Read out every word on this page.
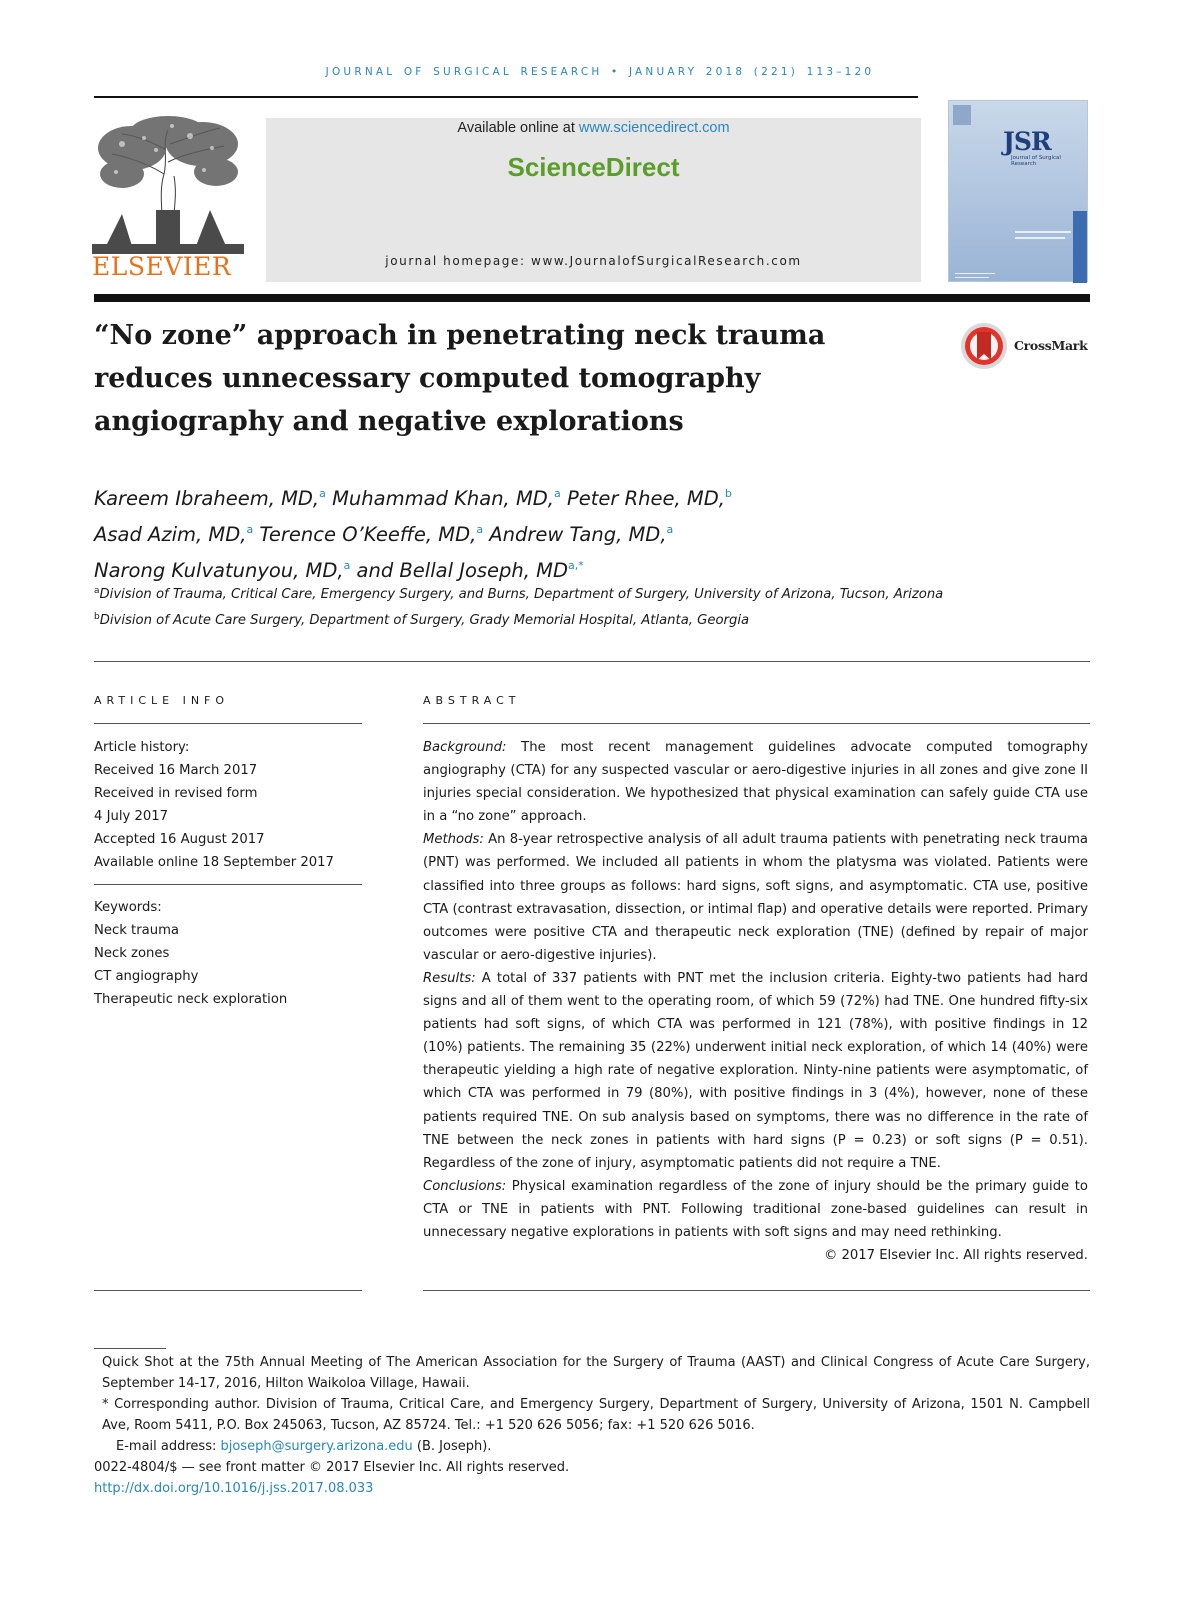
JOURNAL OF SURGICAL RESEARCH • JANUARY 2018 (221) 113–120
ELSEVIER
Available online at www.sciencedirect.com
ScienceDirect
journal homepage: www.JournalofSurgicalResearch.com
JSR
Journal of Surgical Research
“No zone” approach in penetrating neck trauma
reduces unnecessary computed tomography
angiography and negative explorations
CrossMark
Kareem Ibraheem, MD,$^a$ Muhammad Khan, MD,$^a$ Peter Rhee, MD,$^b$
Asad Azim, MD,$^a$ Terence O’Keeffe, MD,$^a$ Andrew Tang, MD,$^a$
Narong Kulvatunyou, MD,$^a$ and Bellal Joseph, $MD^{a,*}$
$^a$Division of Trauma, Critical Care, Emergency Surgery, and Burns, Department of Surgery, University of Arizona, Tucson, Arizona
$^b$Division of Acute Care Surgery, Department of Surgery, Grady Memorial Hospital, Atlanta, Georgia
ARTICLE INFO	ABSTRACT
Article history:
Received 16 March 2017
Received in revised form
4 July 2017
Accepted 16 August 2017
Available online 18 September 2017
Keywords:
Neck trauma
Neck zones
CT angiography
Therapeutic neck exploration

Background: The most recent management guidelines advocate computed tomography angiography (CTA) for any suspected vascular or aero-digestive injuries in all zones and give zone II injuries special consideration. We hypothesized that physical examination can safely guide CTA use in a “no zone” approach.

Methods: An 8-year retrospective analysis of all adult trauma patients with penetrating neck trauma (PNT) was performed. We included all patients in whom the platysma was violated. Patients were classified into three groups as follows: hard signs, soft signs, and asymptomatic. CTA use, positive CTA (contrast extravasation, dissection, or intimal flap) and operative details were reported. Primary outcomes were positive CTA and therapeutic neck exploration (TNE) (defined by repair of major vascular or aero-digestive injuries).

Results: A total of 337 patients with PNT met the inclusion criteria. Eighty-two patients had hard signs and all of them went to the operating room, of which 59 (72%) had TNE. One hundred fifty-six patients had soft signs, of which CTA was performed in 121 (78%), with positive findings in 12 (10%) patients. The remaining 35 (22%) underwent initial neck exploration, of which 14 (40%) were therapeutic yielding a high rate of negative exploration. Ninty-nine patients were asymptomatic, of which CTA was performed in 79 (80%), with positive findings in 3 (4%), however, none of these patients required TNE. On sub analysis based on symptoms, there was no difference in the rate of TNE between the neck zones in patients with hard signs (P = 0.23) or soft signs (P = 0.51). Regardless of the zone of injury, asymptomatic patients did not require a TNE.

Conclusions: Physical examination regardless of the zone of injury should be the primary guide to CTA or TNE in patients with PNT. Following traditional zone-based guidelines can result in unnecessary negative explorations in patients with soft signs and may need rethinking.

© 2017 Elsevier Inc. All rights reserved.

Quick Shot at the 75th Annual Meeting of The American Association for the Surgery of Trauma (AAST) and Clinical Congress of Acute Care Surgery, September 14-17, 2016, Hilton Waikoloa Village, Hawaii.

* Corresponding author. Division of Trauma, Critical Care, and Emergency Surgery, Department of Surgery, University of Arizona, 1501 N. Campbell Ave, Room 5411, P.O. Box 245063, Tucson, AZ 85724. Tel.: +1 520 626 5056; fax: +1 520 626 5016.

E-mail address: bjoseph@surgery.arizona.edu (B. Joseph).

0022-4804/$ — see front matter © 2017 Elsevier Inc. All rights reserved.

http://dx.doi.org/10.1016/j.jss.2017.08.033
